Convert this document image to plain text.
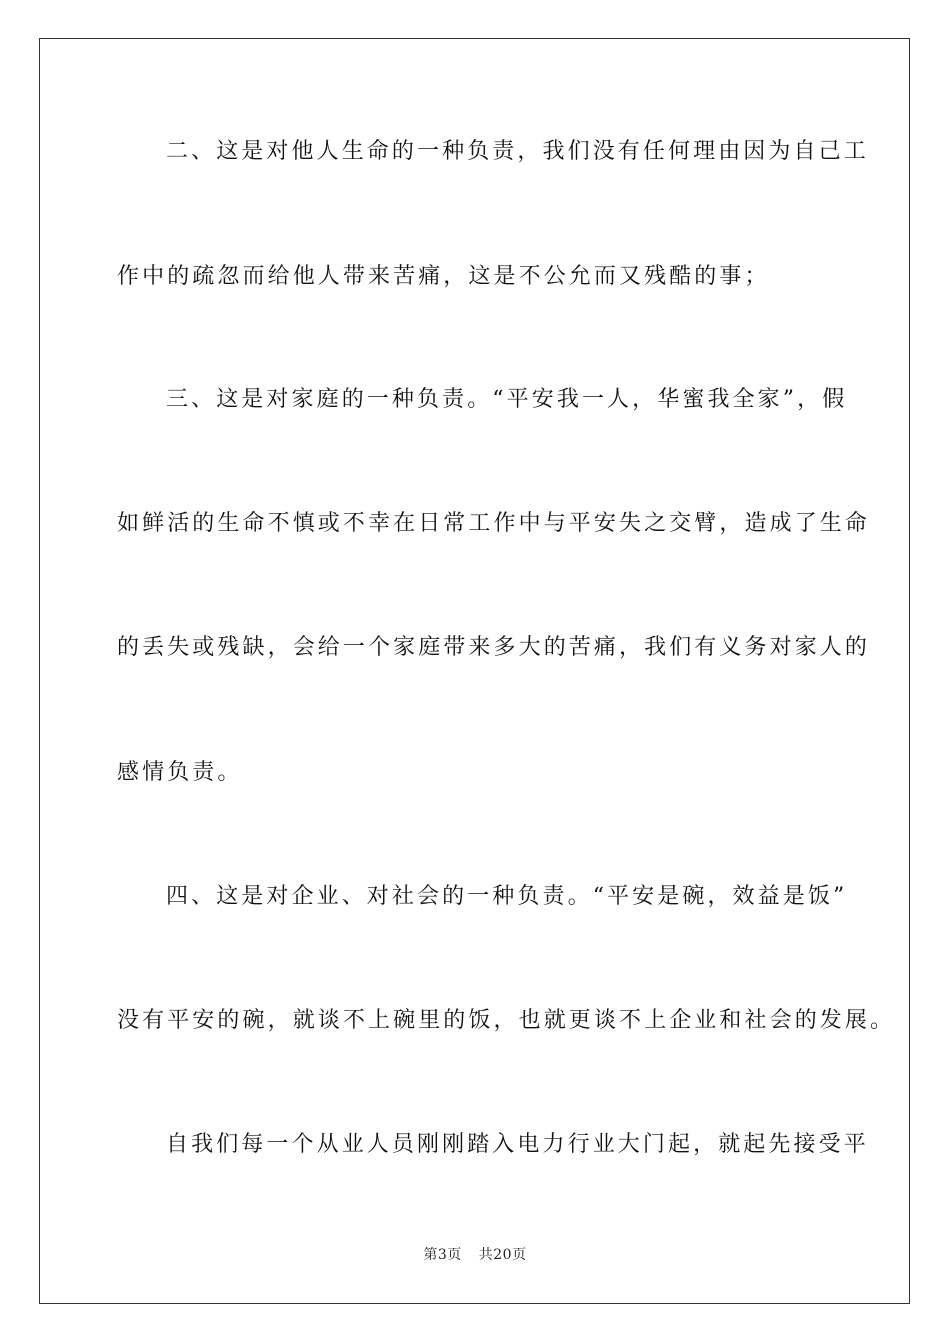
二、这是对他人生命的一种负责，我们没有任何理由因为自己工
作中的疏忽而给他人带来苦痛，这是不公允而又残酷的事；
三、这是对家庭的一种负责。“平安我一人，华蜜我全家”，假
如鲜活的生命不慎或不幸在日常工作中与平安失之交臂，造成了生命
的丢失或残缺，会给一个家庭带来多大的苦痛，我们有义务对家人的
感情负责。
四、这是对企业、对社会的一种负责。“平安是碗，效益是饭”
没有平安的碗，就谈不上碗里的饭，也就更谈不上企业和社会的发展。
自我们每一个从业人员刚刚踏入电力行业大门起，就起先接受平
第3页 共20页
